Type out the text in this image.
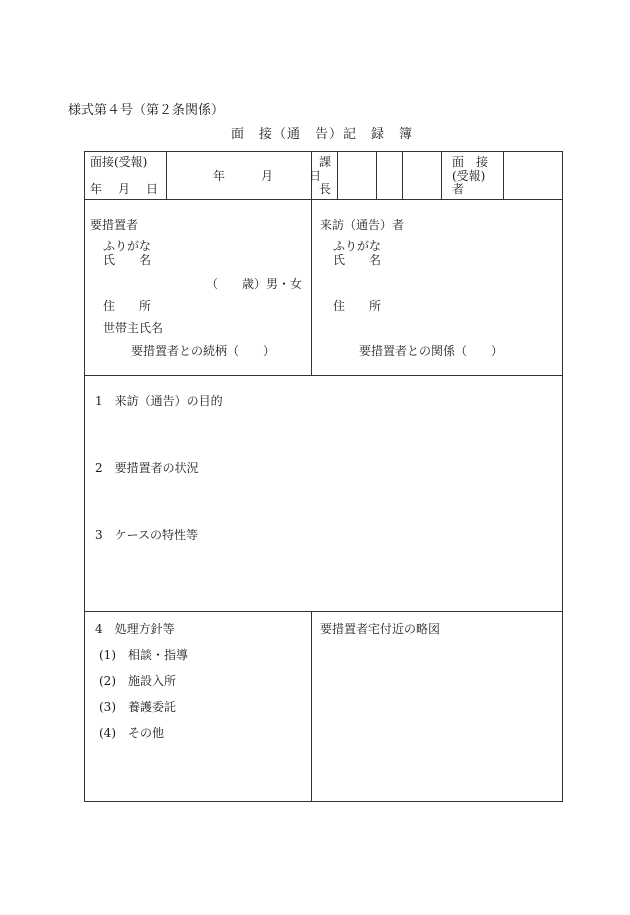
様式第４号（第２条関係）
面　接（通　告）記　録　簿
面接(受報)
年　月　日
年　　　月　　　日
課
長
面　接
(受報)
者
要措置者
ふりがな
氏　　名
（　　歳）男・女
住　　所
世帯主氏名
要措置者との続柄（　　）
来訪（通告）者
ふりがな
氏　　名
住　　所
要措置者との関係（　　）
1　来訪（通告）の目的
2　要措置者の状況
3　ケースの特性等
4　処理方針等
(1)　相談・指導
(2)　施設入所
(3)　養護委託
(4)　その他
要措置者宅付近の略図
